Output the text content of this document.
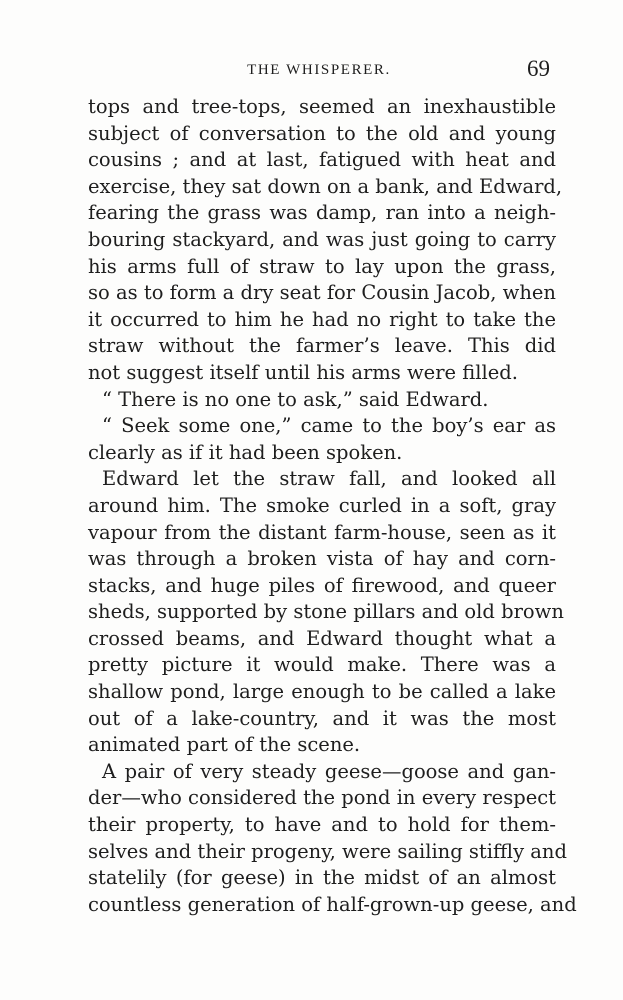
THE WHISPERER.	69
tops and tree-tops, seemed an inexhaustible
subject of conversation to the old and young
cousins ; and at last, fatigued with heat and
exercise, they sat down on a bank, and Edward,
fearing the grass was damp, ran into a neigh-
bouring stackyard, and was just going to carry
his arms full of straw to lay upon the grass,
so as to form a dry seat for Cousin Jacob, when
it occurred to him he had no right to take the
straw without the farmer’s leave. This did
not suggest itself until his arms were filled.
“ There is no one to ask,” said Edward.
“ Seek some one,” came to the boy’s ear as
clearly as if it had been spoken.
Edward let the straw fall, and looked all
around him. The smoke curled in a soft, gray
vapour from the distant farm-house, seen as it
was through a broken vista of hay and corn-
stacks, and huge piles of firewood, and queer
sheds, supported by stone pillars and old brown
crossed beams, and Edward thought what a
pretty picture it would make. There was a
shallow pond, large enough to be called a lake
out of a lake-country, and it was the most
animated part of the scene.
A pair of very steady geese—goose and gan-
der—who considered the pond in every respect
their property, to have and to hold for them-
selves and their progeny, were sailing stiffly and
statelily (for geese) in the midst of an almost
countless generation of half-grown-up geese, and
